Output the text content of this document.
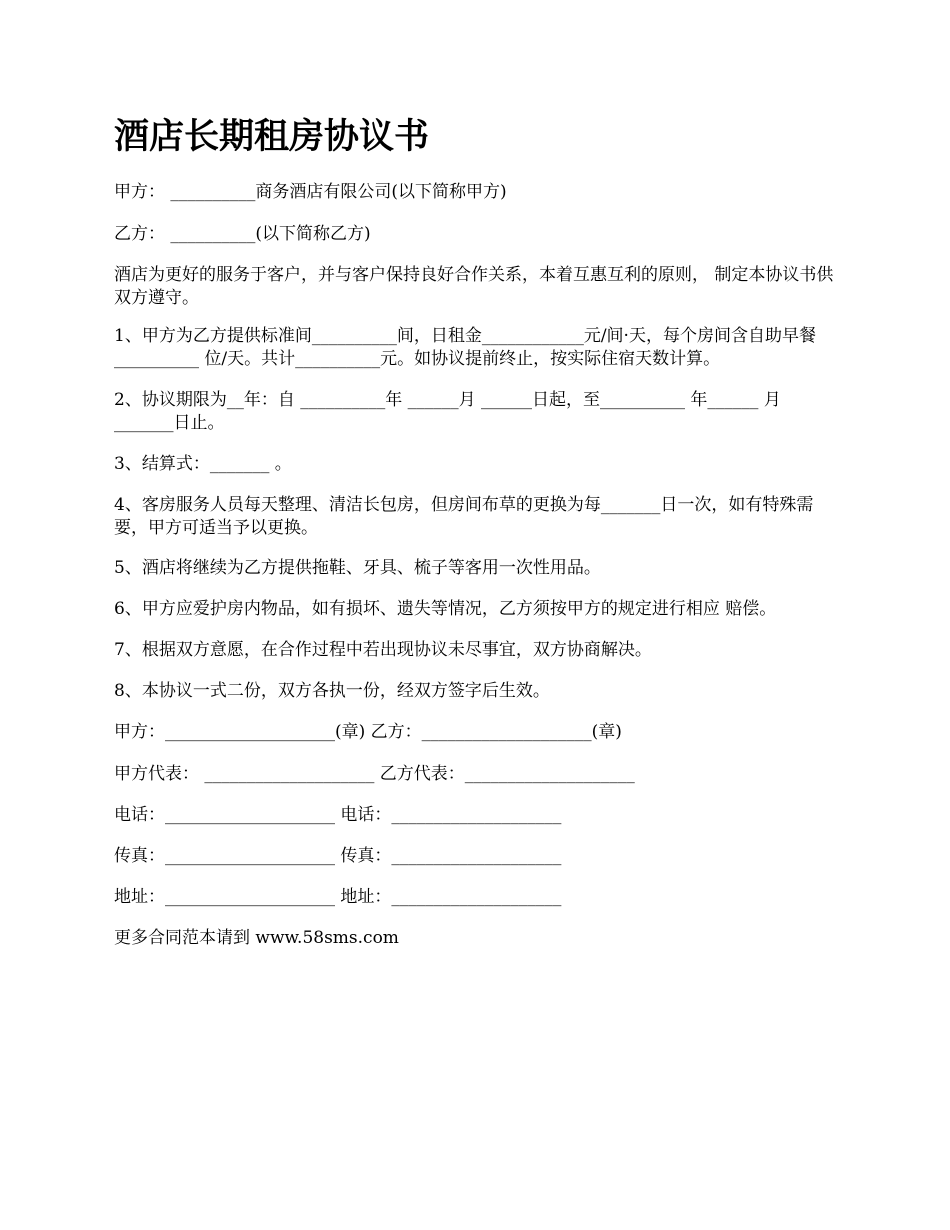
酒店长期租房协议书

甲方： __________商务酒店有限公司(以下简称甲方)

乙方： __________(以下简称乙方)

酒店为更好的服务于客户，并与客户保持良好合作关系，本着互惠互利的原则， 制定本协议书供双方遵守。

1、甲方为乙方提供标准间__________间，日租金____________元/间·天，每个房间含自助早餐__________ 位/天。共计__________元。如协议提前终止，按实际住宿天数计算。

2、协议期限为__年：自 __________年 ______月 ______日起，至__________ 年______ 月_______日止。

3、结算式：_______ 。

4、客房服务人员每天整理、清洁长包房，但房间布草的更换为每_______日一次，如有特殊需要，甲方可适当予以更换。

5、酒店将继续为乙方提供拖鞋、牙具、梳子等客用一次性用品。

6、甲方应爱护房内物品，如有损坏、遗失等情况，乙方须按甲方的规定进行相应 赔偿。

7、根据双方意愿，在合作过程中若出现协议未尽事宜，双方协商解决。

8、本协议一式二份，双方各执一份，经双方签字后生效。

甲方：____________________(章) 乙方：____________________(章)

甲方代表： ____________________ 乙方代表：____________________

电话：____________________ 电话：____________________

传真：____________________ 传真：____________________

地址：____________________ 地址：____________________

更多合同范本请到 www.58sms.com
